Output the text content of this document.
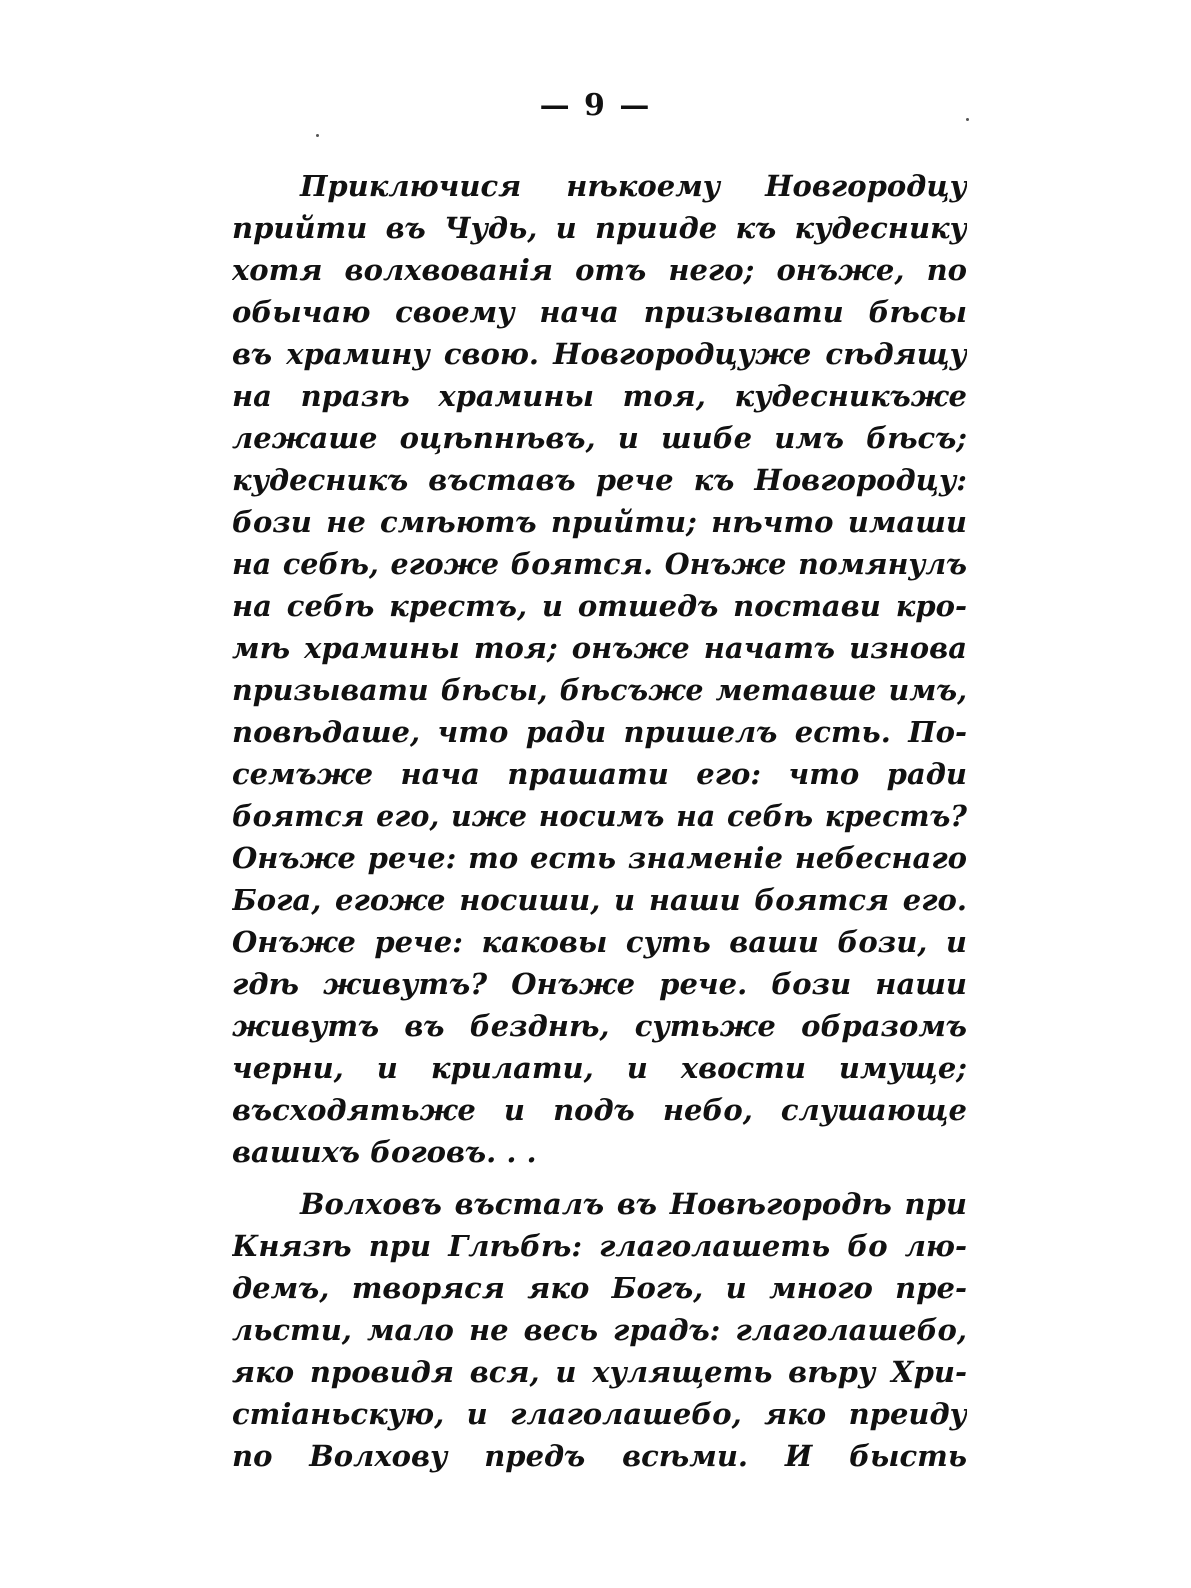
— 9 —
Приключися нѣкоему Новгородцу
прийти въ Чудь, и прииде къ кудеснику
хотя волхвованія отъ него; онъже, по
обычаю своему нача призывати бѣсы
въ храмину свою. Новгородцуже сѣдящу
на празѣ храмины тоя, кудесникъже
лежаше оцѣпнѣвъ, и шибе имъ бѣсъ;
кудесникъ въставъ рече къ Новгородцу:
бози не смѣютъ прийти; нѣчто имаши
на себѣ, егоже боятся. Онъже помянулъ
на себѣ крестъ, и отшедъ постави кро-
мѣ храмины тоя; онъже начатъ изнова
призывати бѣсы, бѣсъже метавше имъ,
повѣдаше, что ради пришелъ есть. По-
семъже нача прашати его: что ради
боятся его, иже носимъ на себѣ крестъ?
Онъже рече: то есть знаменіе небеснаго
Бога, егоже носиши, и наши боятся его.
Онъже рече: каковы суть ваши бози, и
гдѣ живутъ? Онъже рече. бози наши
живутъ въ безднѣ, сутьже образомъ
черни, и крилати, и хвости имуще;
въсходятьже и подъ небо, слушающе
вашихъ боговъ. . .
Волховъ въсталъ въ Новѣгородѣ при
Князѣ при Глѣбѣ: глаголашеть бо лю-
демъ, творяся яко Богъ, и много пре-
льсти, мало не весь градъ: глаголашебо,
яко провидя вся, и хулящеть вѣру Хри-
стіаньскую, и глаголашебо, яко преиду
по Волхову предъ всѣми. И бысть
